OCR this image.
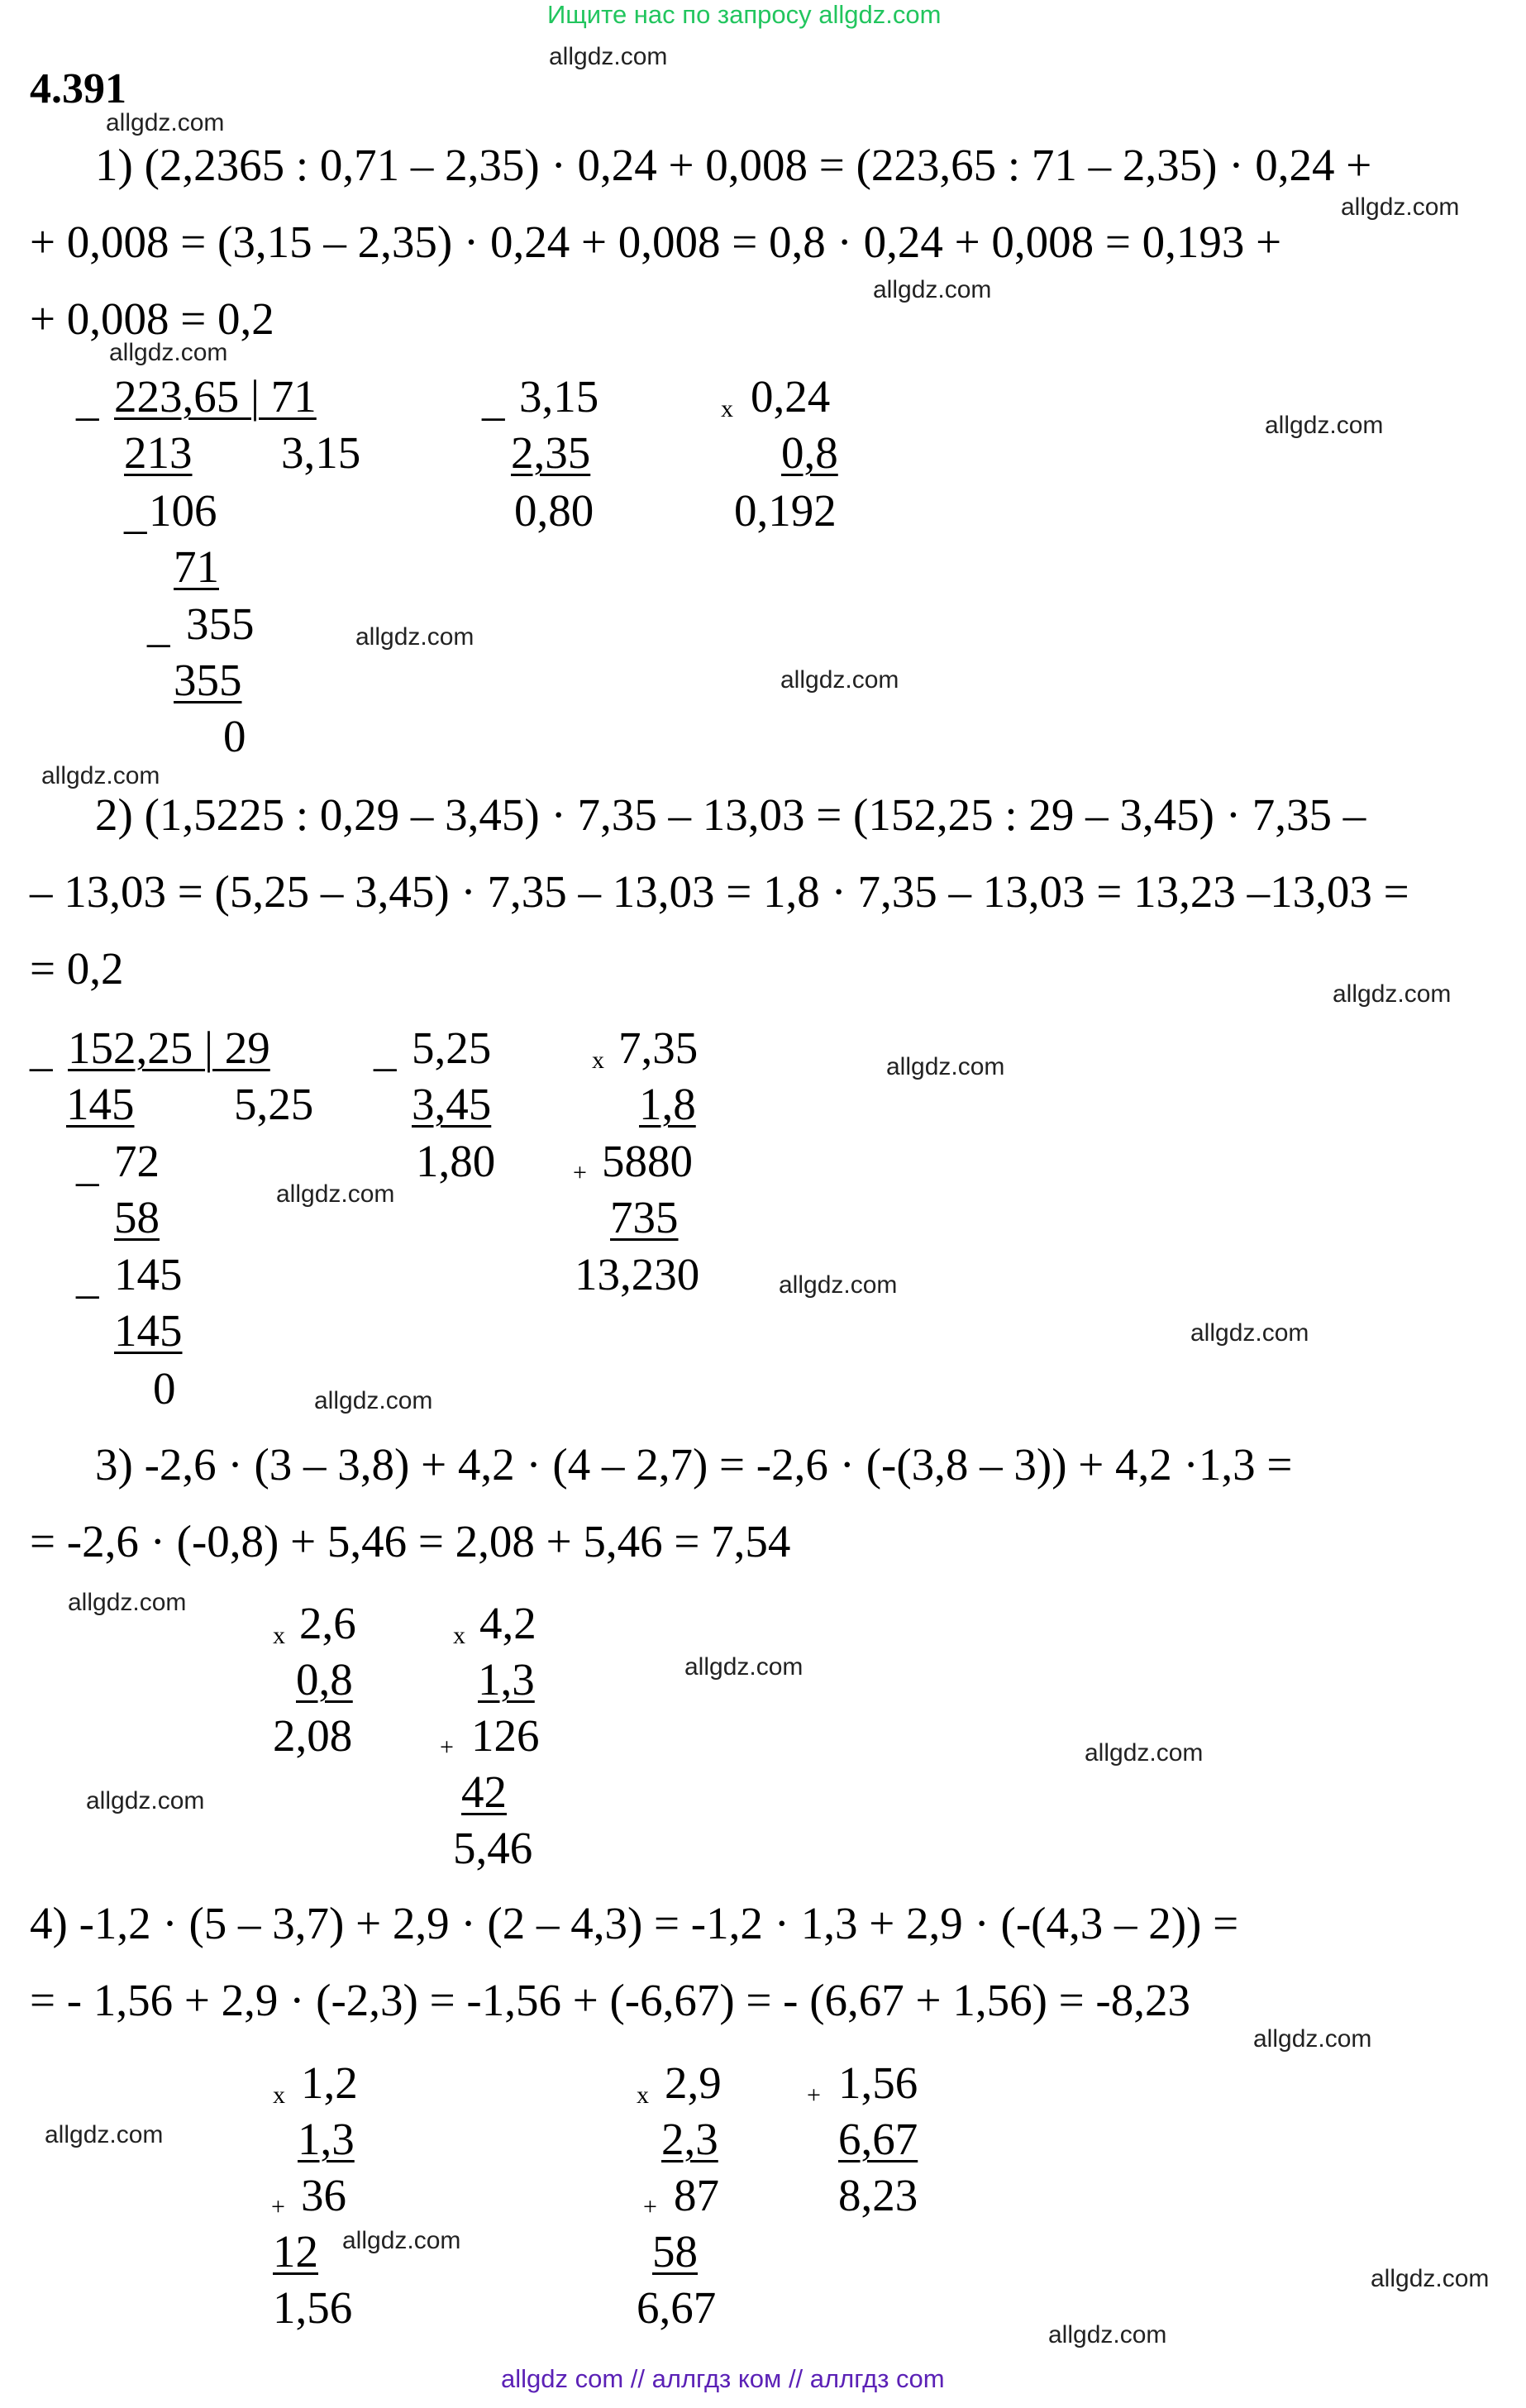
Ищите нас по запросу allgdz.com
4.391
1) (2,2365 : 0,71 – 2,35) · 0,24 + 0,008 = (223,65 : 71 – 2,35) · 0,24 +
+ 0,008 = (3,15 – 2,35) · 0,24 + 0,008 = 0,8 · 0,24 + 0,008 = 0,193 +
+ 0,008 = 0,2
_ 223,65 | 71
213 3,15
_ 106
71
_ 355
355
0
_ 3,15
2,35
0,80
x 0,24
0,8
0,192
2) (1,5225 : 0,29 – 3,45) · 7,35 – 13,03 = (152,25 : 29 – 3,45) · 7,35 –
– 13,03 = (5,25 – 3,45) · 7,35 – 13,03 = 1,8 · 7,35 – 13,03 = 13,23 –13,03 =
= 0,2
_ 152,25 | 29
145	5,25
_ 72
58
_ 145
145
0
_ 5,25
3,45
1,80
x 7,35
1,8
+ 5880
735
13,230
3) -2,6 · (3 – 3,8) + 4,2 · (4 – 2,7) = -2,6 · (-(3,8 – 3)) + 4,2 ·1,3 =
= -2,6 · (-0,8) + 5,46 = 2,08 + 5,46 = 7,54
x 2,6
0,8
2,08
x 4,2
1,3
+ 126
42
5,46
4) -1,2 · (5 – 3,7) + 2,9 · (2 – 4,3) = -1,2 · 1,3 + 2,9 · (-(4,3 – 2)) =
= - 1,56 + 2,9 · (-2,3) = -1,56 + (-6,67) = - (6,67 + 1,56) = -8,23
x 1,2
1,3
+ 36
12
1,56
x 2,9
2,3
+ 87
58
6,67
+ 1,56
6,67
8,23
allgdz.com
allgdz.com
allgdz.com
allgdz.com
allgdz.com
allgdz.com
allgdz.com
allgdz.com
allgdz.com
allgdz.com
allgdz.com
allgdz.com
allgdz.com
allgdz.com
allgdz.com
allgdz.com
allgdz.com
allgdz.com
allgdz.com
allgdz.com
allgdz.com
allgdz.com
allgdz.com
allgdz.com
allgdz com // аллгдз ком // аллгдз com
